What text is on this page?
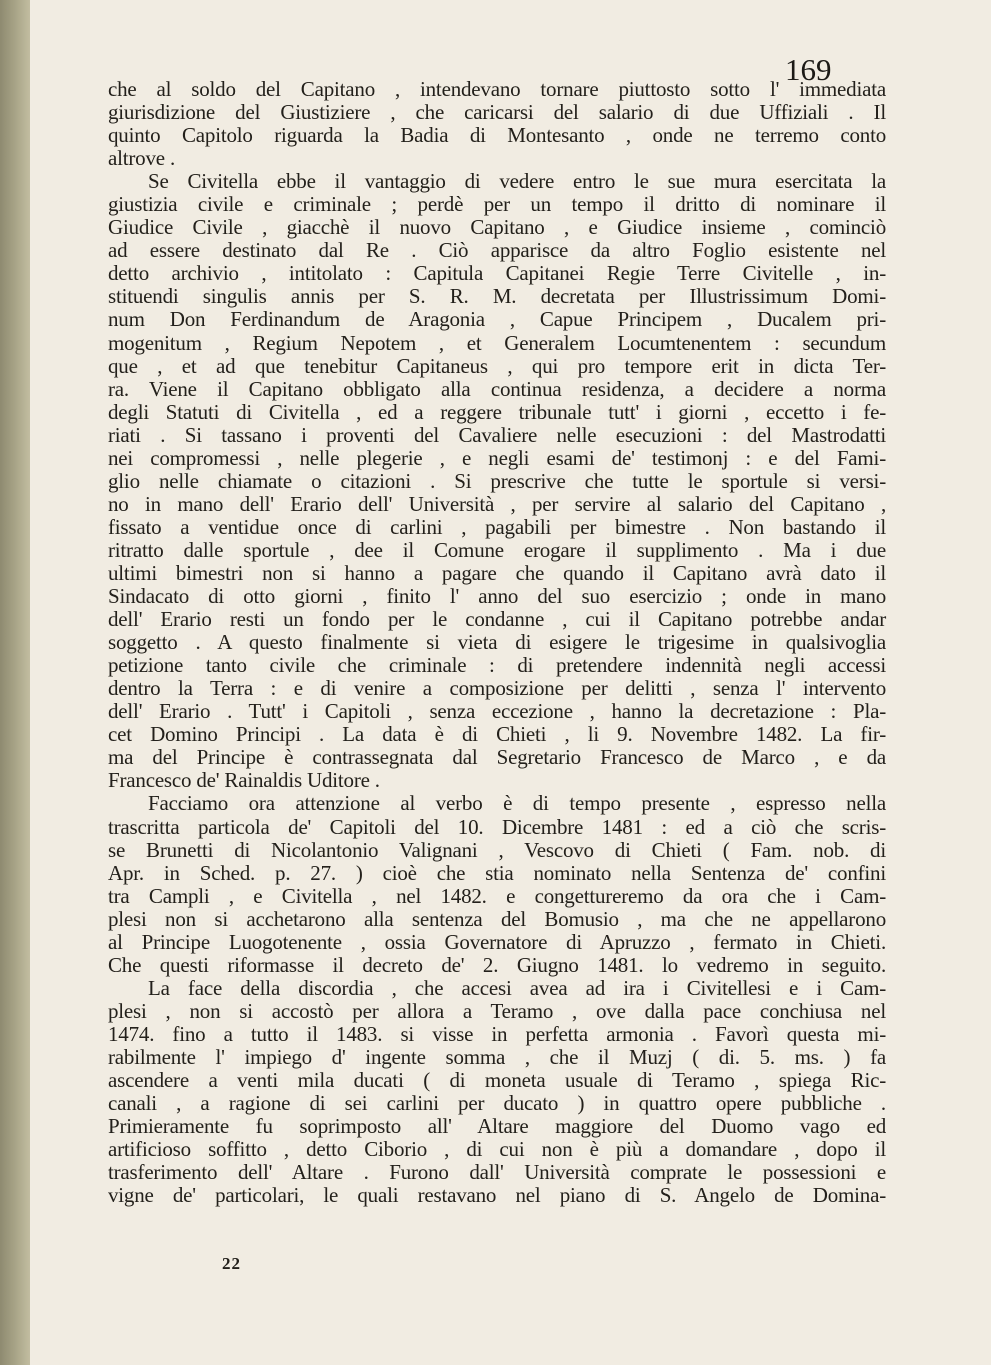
169
che al soldo del Capitano , intendevano tornare piuttosto sotto l' immediata
giurisdizione del Giustiziere , che caricarsi del salario di due Uffiziali . Il
quinto Capitolo riguarda la Badia di Montesanto , onde ne terremo conto
altrove .
Se Civitella ebbe il vantaggio di vedere entro le sue mura esercitata la
giustizia civile e criminale ; perdè per un tempo il dritto di nominare il
Giudice Civile , giacchè il nuovo Capitano , e Giudice insieme , cominciò
ad essere destinato dal Re . Ciò apparisce da altro Foglio esistente nel
detto archivio , intitolato : Capitula Capitanei Regie Terre Civitelle , in-
stituendi singulis annis per S. R. M. decretata per Illustrissimum Domi-
num Don Ferdinandum de Aragonia , Capue Principem , Ducalem pri-
mogenitum , Regium Nepotem , et Generalem Locumtenentem : secundum
que , et ad que tenebitur Capitaneus , qui pro tempore erit in dicta Ter-
ra. Viene il Capitano obbligato alla continua residenza, a decidere a norma
degli Statuti di Civitella , ed a reggere tribunale tutt' i giorni , eccetto i fe-
riati . Si tassano i proventi del Cavaliere nelle esecuzioni : del Mastrodatti
nei compromessi , nelle plegerie , e negli esami de' testimonj : e del Fami-
glio nelle chiamate o citazioni . Si prescrive che tutte le sportule si versi-
no in mano dell' Erario dell' Università , per servire al salario del Capitano ,
fissato a ventidue once di carlini , pagabili per bimestre . Non bastando il
ritratto dalle sportule , dee il Comune erogare il supplimento . Ma i due
ultimi bimestri non si hanno a pagare che quando il Capitano avrà dato il
Sindacato di otto giorni , finito l' anno del suo esercizio ; onde in mano
dell' Erario resti un fondo per le condanne , cui il Capitano potrebbe andar
soggetto . A questo finalmente si vieta di esigere le trigesime in qualsivoglia
petizione tanto civile che criminale : di pretendere indennità negli accessi
dentro la Terra : e di venire a composizione per delitti , senza l' intervento
dell' Erario . Tutt' i Capitoli , senza eccezione , hanno la decretazione : Pla-
cet Domino Principi . La data è di Chieti , li 9. Novembre 1482. La fir-
ma del Principe è contrassegnata dal Segretario Francesco de Marco , e da
Francesco de' Rainaldis Uditore .
Facciamo ora attenzione al verbo è di tempo presente , espresso nella
trascritta particola de' Capitoli del 10. Dicembre 1481 : ed a ciò che scris-
se Brunetti di Nicolantonio Valignani , Vescovo di Chieti ( Fam. nob. di
Apr. in Sched. p. 27. ) cioè che stia nominato nella Sentenza de' confini
tra Campli , e Civitella , nel 1482. e congettureremo da ora che i Cam-
plesi non si acchetarono alla sentenza del Bomusio , ma che ne appellarono
al Principe Luogotenente , ossia Governatore di Apruzzo , fermato in Chieti.
Che questi riformasse il decreto de' 2. Giugno 1481. lo vedremo in seguito.
La face della discordia , che accesi avea ad ira i Civitellesi e i Cam-
plesi , non si accostò per allora a Teramo , ove dalla pace conchiusa nel
1474. fino a tutto il 1483. si visse in perfetta armonia . Favorì questa mi-
rabilmente l' impiego d' ingente somma , che il Muzj ( di. 5. ms. ) fa
ascendere a venti mila ducati ( di moneta usuale di Teramo , spiega Ric-
canali , a ragione di sei carlini per ducato ) in quattro opere pubbliche .
Primieramente fu soprimposto all' Altare maggiore del Duomo vago ed
artificioso soffitto , detto Ciborio , di cui non è più a domandare , dopo il
trasferimento dell' Altare . Furono dall' Università comprate le possessioni e
vigne de' particolari, le quali restavano nel piano di S. Angelo de Domina-
22
